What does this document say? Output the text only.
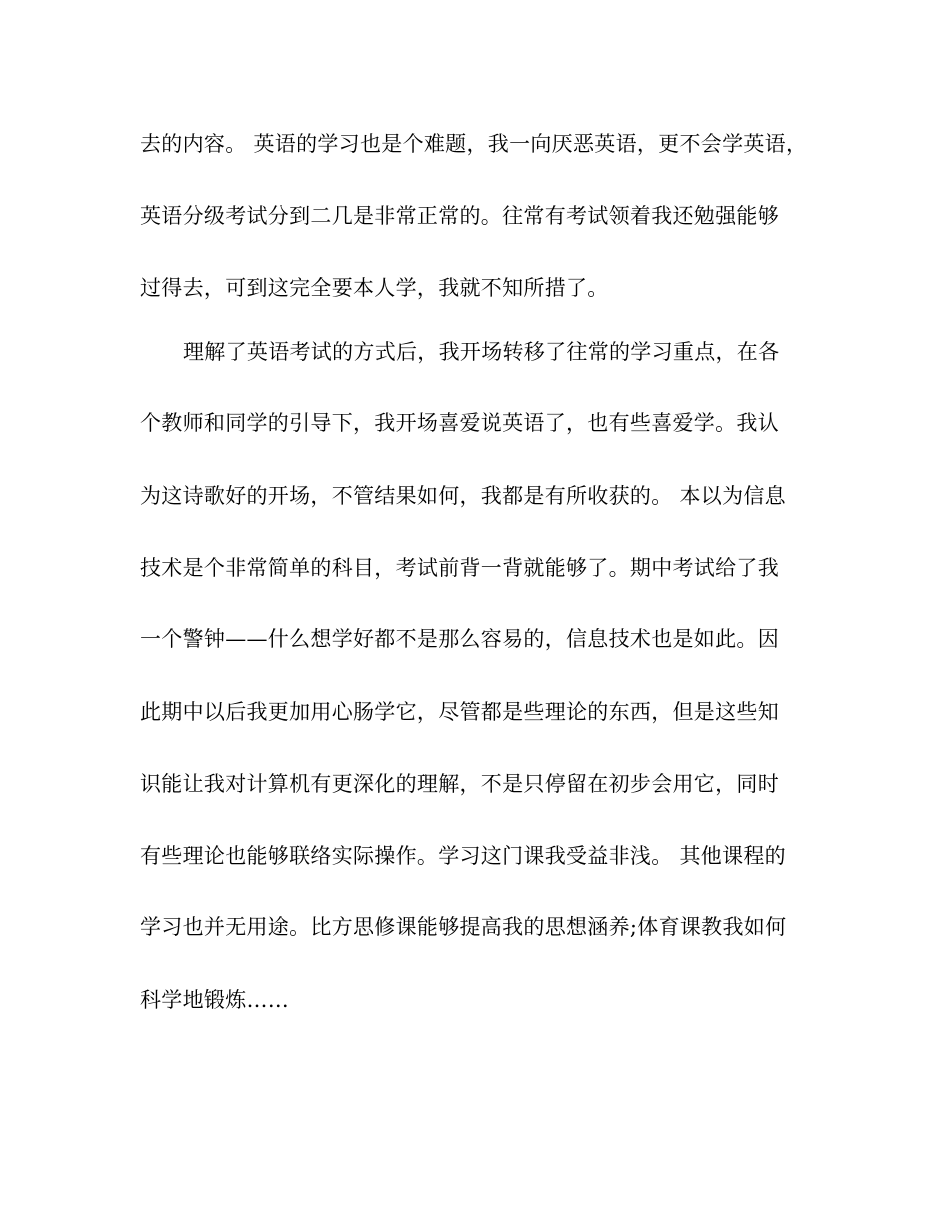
去的内容。 英语的学习也是个难题，我一向厌恶英语，更不会学英语，
英语分级考试分到二几是非常正常的。往常有考试领着我还勉强能够
过得去，可到这完全要本人学，我就不知所措了。
理解了英语考试的方式后，我开场转移了往常的学习重点，在各
个教师和同学的引导下，我开场喜爱说英语了，也有些喜爱学。我认
为这诗歌好的开场，不管结果如何，我都是有所收获的。 本以为信息
技术是个非常简单的科目，考试前背一背就能够了。期中考试给了我
一个警钟——什么想学好都不是那么容易的，信息技术也是如此。因
此期中以后我更加用心肠学它，尽管都是些理论的东西，但是这些知
识能让我对计算机有更深化的理解，不是只停留在初步会用它，同时
有些理论也能够联络实际操作。学习这门课我受益非浅。 其他课程的
学习也并无用途。比方思修课能够提高我的思想涵养;体育课教我如何
科学地锻炼……
